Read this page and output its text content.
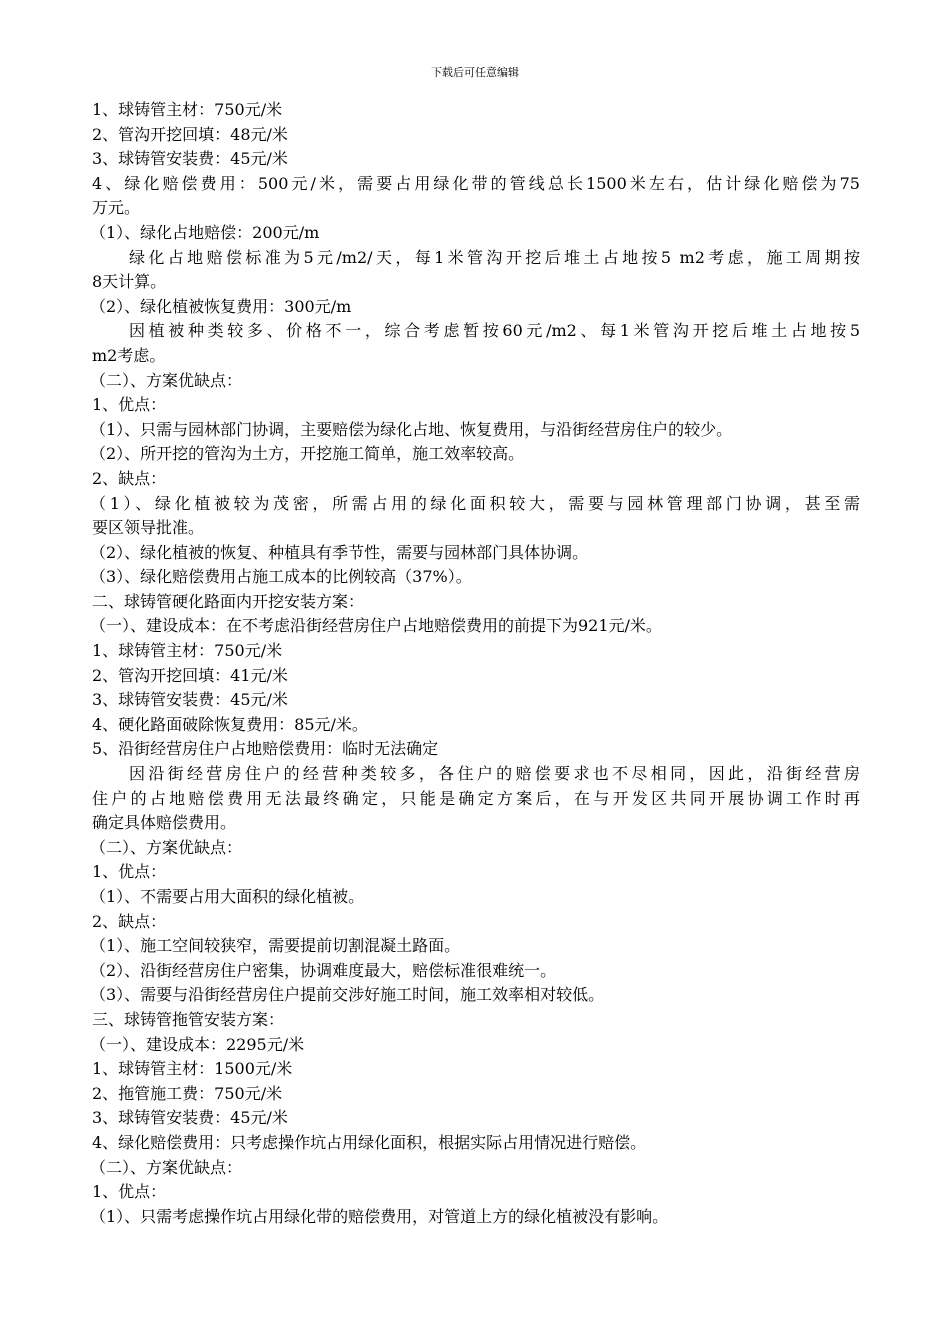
下载后可任意编辑
1、球铸管主材：750元/米
2、管沟开挖回填：48元/米
3、球铸管安装费：45元/米
4、绿化赔偿费用：500元/米，需要占用绿化带的管线总长1500米左右，估计绿化赔偿为75
万元。
（1）、绿化占地赔偿：200元/m
绿化占地赔偿标准为5元/m2/天，每1米管沟开挖后堆土占地按5 m2考虑，施工周期按
8天计算。
（2）、绿化植被恢复费用：300元/m
因植被种类较多、价格不一，综合考虑暂按60元/m2、每1米管沟开挖后堆土占地按5
m2考虑。
（二）、方案优缺点：
1、优点：
（1）、只需与园林部门协调，主要赔偿为绿化占地、恢复费用，与沿街经营房住户的较少。
（2）、所开挖的管沟为土方，开挖施工简单，施工效率较高。
2、缺点：
（1）、绿化植被较为茂密，所需占用的绿化面积较大，需要与园林管理部门协调，甚至需
要区领导批准。
（2）、绿化植被的恢复、种植具有季节性，需要与园林部门具体协调。
（3）、绿化赔偿费用占施工成本的比例较高（37%）。
二、球铸管硬化路面内开挖安装方案：
（一）、建设成本：在不考虑沿街经营房住户占地赔偿费用的前提下为921元/米。
1、球铸管主材：750元/米
2、管沟开挖回填：41元/米
3、球铸管安装费：45元/米
4、硬化路面破除恢复费用：85元/米。
5、沿街经营房住户占地赔偿费用：临时无法确定
因沿街经营房住户的经营种类较多，各住户的赔偿要求也不尽相同，因此，沿街经营房
住户的占地赔偿费用无法最终确定，只能是确定方案后，在与开发区共同开展协调工作时再
确定具体赔偿费用。
（二）、方案优缺点：
1、优点：
（1）、不需要占用大面积的绿化植被。
2、缺点：
（1）、施工空间较狭窄，需要提前切割混凝土路面。
（2）、沿街经营房住户密集，协调难度最大，赔偿标准很难统一。
（3）、需要与沿街经营房住户提前交涉好施工时间，施工效率相对较低。
三、球铸管拖管安装方案：
（一）、建设成本：2295元/米
1、球铸管主材：1500元/米
2、拖管施工费：750元/米
3、球铸管安装费：45元/米
4、绿化赔偿费用：只考虑操作坑占用绿化面积，根据实际占用情况进行赔偿。
（二）、方案优缺点：
1、优点：
（1）、只需考虑操作坑占用绿化带的赔偿费用，对管道上方的绿化植被没有影响。
